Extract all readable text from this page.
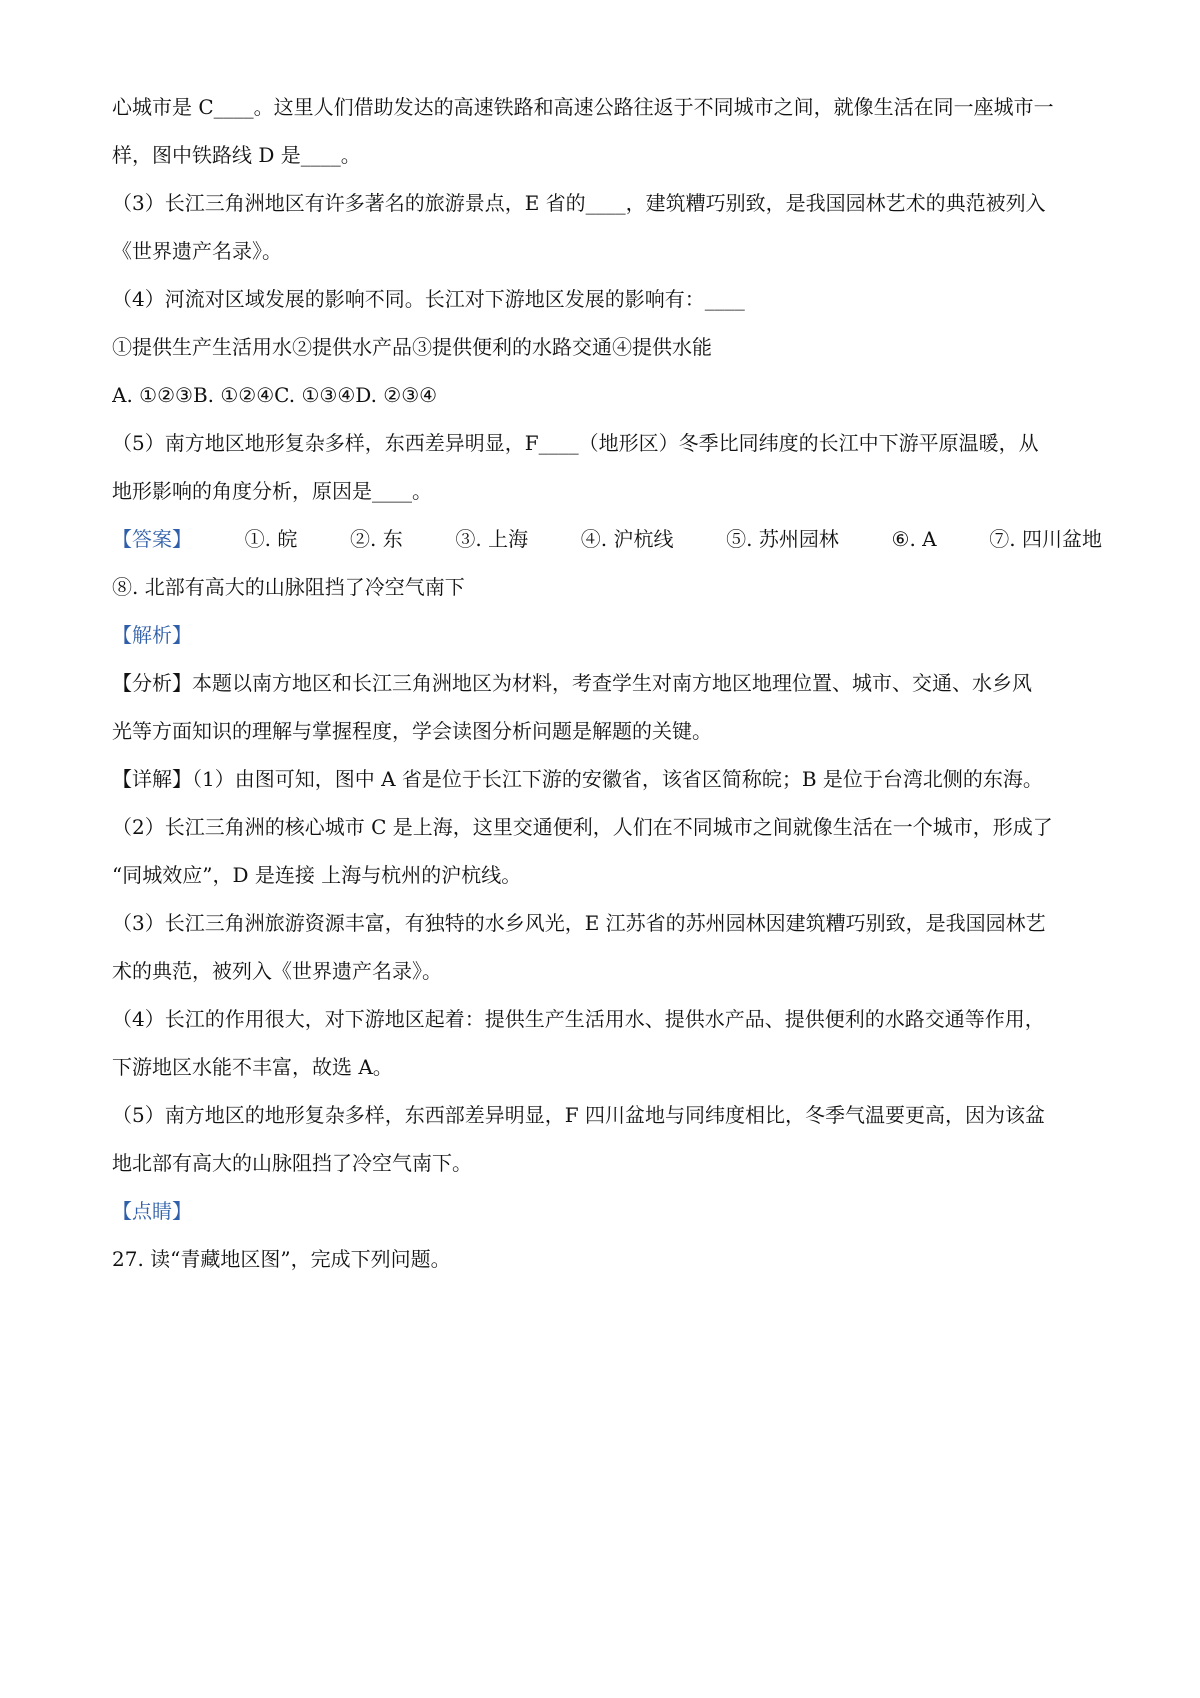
心城市是 C____。这里人们借助发达的高速铁路和高速公路往返于不同城市之间，就像生活在同一座城市一
样，图中铁路线 D 是____。
（3）长江三角洲地区有许多著名的旅游景点，E 省的____，建筑糟巧别致，是我国园林艺术的典范被列入
《世界遗产名录》。
（4）河流对区域发展的影响不同。长江对下游地区发展的影响有：____
①提供生产生活用水②提供水产品③提供便利的水路交通④提供水能
A. ①②③B. ①②④C. ①③④D. ②③④
（5）南方地区地形复杂多样，东西差异明显，F____（地形区）冬季比同纬度的长江中下游平原温暖，从
地形影响的角度分析，原因是____。
【答案】	①. 皖	②. 东	③. 上海	④. 沪杭线	⑤. 苏州园林	⑥. A	⑦. 四川盆地
⑧. 北部有高大的山脉阻挡了冷空气南下
【解析】
【分析】本题以南方地区和长江三角洲地区为材料，考查学生对南方地区地理位置、城市、交通、水乡风
光等方面知识的理解与掌握程度，学会读图分析问题是解题的关键。
【详解】（1）由图可知，图中 A 省是位于长江下游的安徽省，该省区简称皖；B 是位于台湾北侧的东海。
（2）长江三角洲的核心城市 C 是上海，这里交通便利，人们在不同城市之间就像生活在一个城市，形成了
“同城效应”，D 是连接 上海与杭州的沪杭线。
（3）长江三角洲旅游资源丰富，有独特的水乡风光，E 江苏省的苏州园林因建筑糟巧别致，是我国园林艺
术的典范，被列入《世界遗产名录》。
（4）长江的作用很大，对下游地区起着：提供生产生活用水、提供水产品、提供便利的水路交通等作用，
下游地区水能不丰富，故选 A。
（5）南方地区的地形复杂多样，东西部差异明显，F 四川盆地与同纬度相比，冬季气温要更高，因为该盆
地北部有高大的山脉阻挡了冷空气南下。
【点睛】
27. 读“青藏地区图”，完成下列问题。
